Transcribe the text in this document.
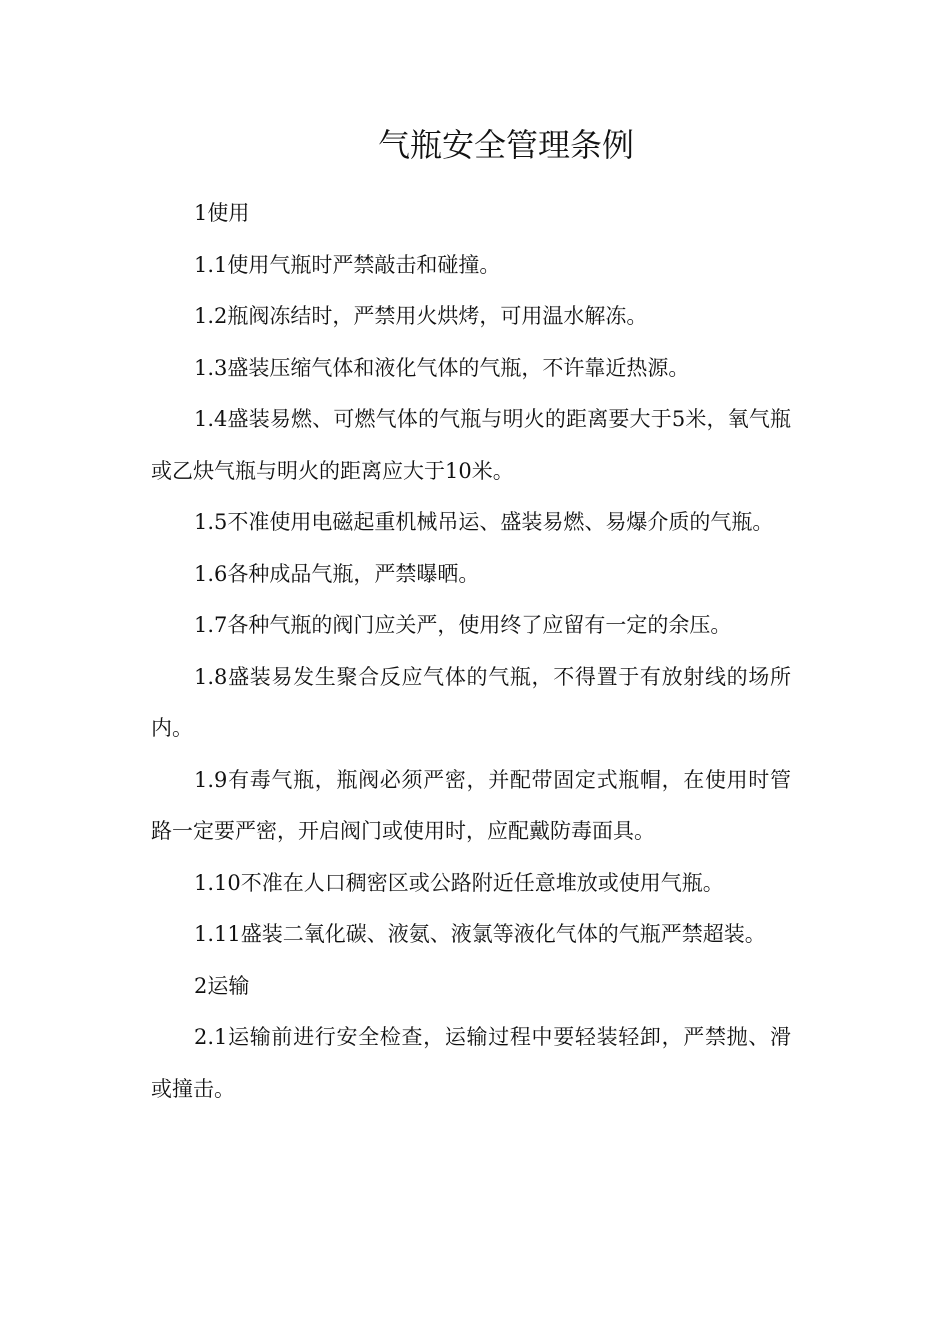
气瓶安全管理条例

1使用

1.1使用气瓶时严禁敲击和碰撞。

1.2瓶阀冻结时，严禁用火烘烤，可用温水解冻。

1.3盛装压缩气体和液化气体的气瓶，不许靠近热源。

1.4盛装易燃、可燃气体的气瓶与明火的距离要大于5米，氧气瓶或乙炔气瓶与明火的距离应大于10米。

1.5不准使用电磁起重机械吊运、盛装易燃、易爆介质的气瓶。

1.6各种成品气瓶，严禁曝晒。

1.7各种气瓶的阀门应关严，使用终了应留有一定的余压。

1.8盛装易发生聚合反应气体的气瓶，不得置于有放射线的场所内。

1.9有毒气瓶，瓶阀必须严密，并配带固定式瓶帽，在使用时管路一定要严密，开启阀门或使用时，应配戴防毒面具。

1.10不准在人口稠密区或公路附近任意堆放或使用气瓶。

1.11盛装二氧化碳、液氨、液氯等液化气体的气瓶严禁超装。

2运输

2.1运输前进行安全检查，运输过程中要轻装轻卸，严禁抛、滑或撞击。
